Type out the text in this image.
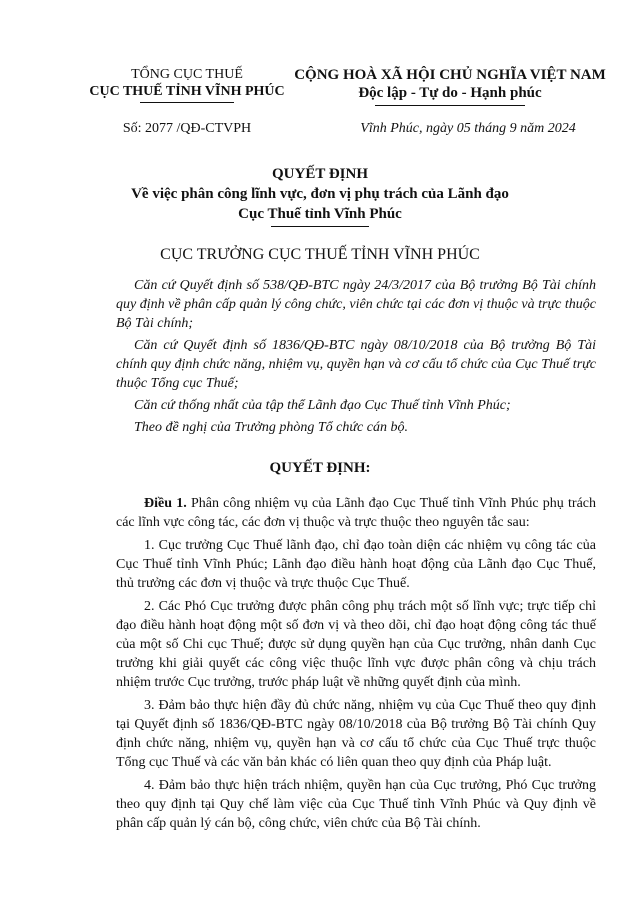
TỔNG CỤC THUẾ
CỤC THUẾ TỈNH VĨNH PHÚC
CỘNG HOÀ XÃ HỘI CHỦ NGHĨA VIỆT NAM
Độc lập - Tự do - Hạnh phúc
Số: 2077 /QĐ-CTVPH	Vĩnh Phúc, ngày 05 tháng 9 năm 2024
QUYẾT ĐỊNH
Về việc phân công lĩnh vực, đơn vị phụ trách của Lãnh đạo
Cục Thuế tỉnh Vĩnh Phúc
CỤC TRƯỞNG CỤC THUẾ TỈNH VĨNH PHÚC

Căn cứ Quyết định số 538/QĐ-BTC ngày 24/3/2017 của Bộ trưởng Bộ Tài chính quy định về phân cấp quản lý công chức, viên chức tại các đơn vị thuộc và trực thuộc Bộ Tài chính;

Căn cứ Quyết định số 1836/QĐ-BTC ngày 08/10/2018 của Bộ trưởng Bộ Tài chính quy định chức năng, nhiệm vụ, quyền hạn và cơ cấu tổ chức của Cục Thuế trực thuộc Tổng cục Thuế;

Căn cứ thống nhất của tập thể Lãnh đạo Cục Thuế tỉnh Vĩnh Phúc;

Theo đề nghị của Trưởng phòng Tổ chức cán bộ.

QUYẾT ĐỊNH:

Điều 1. Phân công nhiệm vụ của Lãnh đạo Cục Thuế tỉnh Vĩnh Phúc phụ trách các lĩnh vực công tác, các đơn vị thuộc và trực thuộc theo nguyên tắc sau:

1. Cục trưởng Cục Thuế lãnh đạo, chỉ đạo toàn diện các nhiệm vụ công tác của Cục Thuế tỉnh Vĩnh Phúc; Lãnh đạo điều hành hoạt động của Lãnh đạo Cục Thuế, thủ trưởng các đơn vị thuộc và trực thuộc Cục Thuế.

2. Các Phó Cục trưởng được phân công phụ trách một số lĩnh vực; trực tiếp chỉ đạo điều hành hoạt động một số đơn vị và theo dõi, chỉ đạo hoạt động công tác thuế của một số Chi cục Thuế; được sử dụng quyền hạn của Cục trưởng, nhân danh Cục trưởng khi giải quyết các công việc thuộc lĩnh vực được phân công và chịu trách nhiệm trước Cục trưởng, trước pháp luật về những quyết định của mình.

3. Đảm bảo thực hiện đầy đủ chức năng, nhiệm vụ của Cục Thuế theo quy định tại Quyết định số 1836/QĐ-BTC ngày 08/10/2018 của Bộ trưởng Bộ Tài chính Quy định chức năng, nhiệm vụ, quyền hạn và cơ cấu tổ chức của Cục Thuế trực thuộc Tổng cục Thuế và các văn bản khác có liên quan theo quy định của Pháp luật.

4. Đảm bảo thực hiện trách nhiệm, quyền hạn của Cục trưởng, Phó Cục trưởng theo quy định tại Quy chế làm việc của Cục Thuế tỉnh Vĩnh Phúc và Quy định về phân cấp quản lý cán bộ, công chức, viên chức của Bộ Tài chính.
